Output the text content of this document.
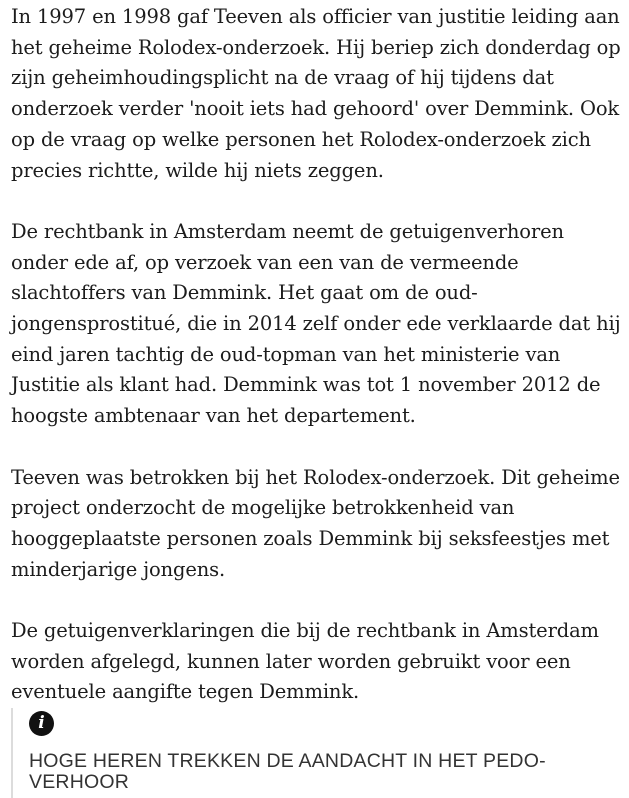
In 1997 en 1998 gaf Teeven als officier van justitie leiding aan het geheime Rolodex-onderzoek. Hij beriep zich donderdag op zijn geheimhoudingsplicht na de vraag of hij tijdens dat onderzoek verder 'nooit iets had gehoord' over Demmink. Ook op de vraag op welke personen het Rolodex-onderzoek zich precies richtte, wilde hij niets zeggen.

De rechtbank in Amsterdam neemt de getuigenverhoren onder ede af, op verzoek van een van de vermeende slachtoffers van Demmink. Het gaat om de oud-jongensprostitué, die in 2014 zelf onder ede verklaarde dat hij eind jaren tachtig de oud-topman van het ministerie van Justitie als klant had. Demmink was tot 1 november 2012 de hoogste ambtenaar van het departement.

Teeven was betrokken bij het Rolodex-onderzoek. Dit geheime project onderzocht de mogelijke betrokkenheid van hooggeplaatste personen zoals Demmink bij seksfeestjes met minderjarige jongens.

De getuigenverklaringen die bij de rechtbank in Amsterdam worden afgelegd, kunnen later worden gebruikt voor een eventuele aangifte tegen Demmink.

i
HOGE HEREN TREKKEN DE AANDACHT IN HET PEDO-VERHOOR
